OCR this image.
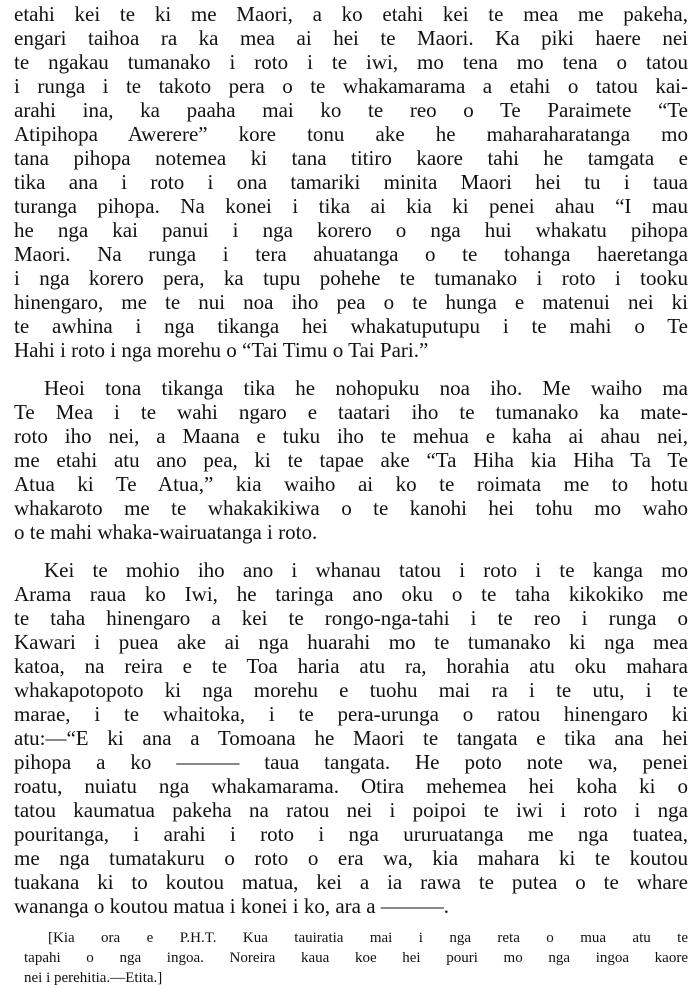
etahi kei te ki me Maori, a ko etahi kei te mea me pakeha,
engari taihoa ra ka mea ai hei te Maori. Ka piki haere nei
te ngakau tumanako i roto i te iwi, mo tena mo tena o tatou
i runga i te takoto pera o te whakamarama a etahi o tatou kai-
arahi ina, ka paaha mai ko te reo o Te Paraimete “Te
Atipihopa Awerere” kore tonu ake he maharaharatanga mo
tana pihopa notemea ki tana titiro kaore tahi he tamgata e
tika ana i roto i ona tamariki minita Maori hei tu i taua
turanga pihopa. Na konei i tika ai kia ki penei ahau “I mau
he nga kai panui i nga korero o nga hui whakatu pihopa
Maori. Na runga i tera ahuatanga o te tohanga haeretanga
i nga korero pera, ka tupu pohehe te tumanako i roto i tooku
hinengaro, me te nui noa iho pea o te hunga e matenui nei ki
te awhina i nga tikanga hei whakatuputupu i te mahi o Te
Hahi i roto i nga morehu o “Tai Timu o Tai Pari.”
Heoi tona tikanga tika he nohopuku noa iho. Me waiho ma
Te Mea i te wahi ngaro e taatari iho te tumanako ka mate-
roto iho nei, a Maana e tuku iho te mehua e kaha ai ahau nei,
me etahi atu ano pea, ki te tapae ake “Ta Hiha kia Hiha Ta Te
Atua ki Te Atua,” kia waiho ai ko te roimata me to hotu
whakaroto me te whakakikiwa o te kanohi hei tohu mo waho
o te mahi whaka-wairuatanga i roto.
Kei te mohio iho ano i whanau tatou i roto i te kanga mo
Arama raua ko Iwi, he taringa ano oku o te taha kikokiko me
te taha hinengaro a kei te rongo-nga-tahi i te reo i runga o
Kawari i puea ake ai nga huarahi mo te tumanako ki nga mea
katoa, na reira e te Toa haria atu ra, horahia atu oku mahara
whakapotopoto ki nga morehu e tuohu mai ra i te utu, i te
marae, i te whaitoka, i te pera-urunga o ratou hinengaro ki
atu:—“E ki ana a Tomoana he Maori te tangata e tika ana hei
pihopa a ko ——— taua tangata. He poto note wa, penei
roatu, nuiatu nga whakamarama. Otira mehemea hei koha ki o
tatou kaumatua pakeha na ratou nei i poipoi te iwi i roto i nga
pouritanga, i arahi i roto i nga ururuatanga me nga tuatea,
me nga tumatakuru o roto o era wa, kia mahara ki te koutou
tuakana ki to koutou matua, kei a ia rawa te putea o te whare
wananga o koutou matua i konei i ko, ara a ———.
[Kia ora e P.H.T. Kua tauiratia mai i nga reta o mua atu te
tapahi o nga ingoa. Noreira kaua koe hei pouri mo nga ingoa kaore
nei i perehitia.—Etita.]
